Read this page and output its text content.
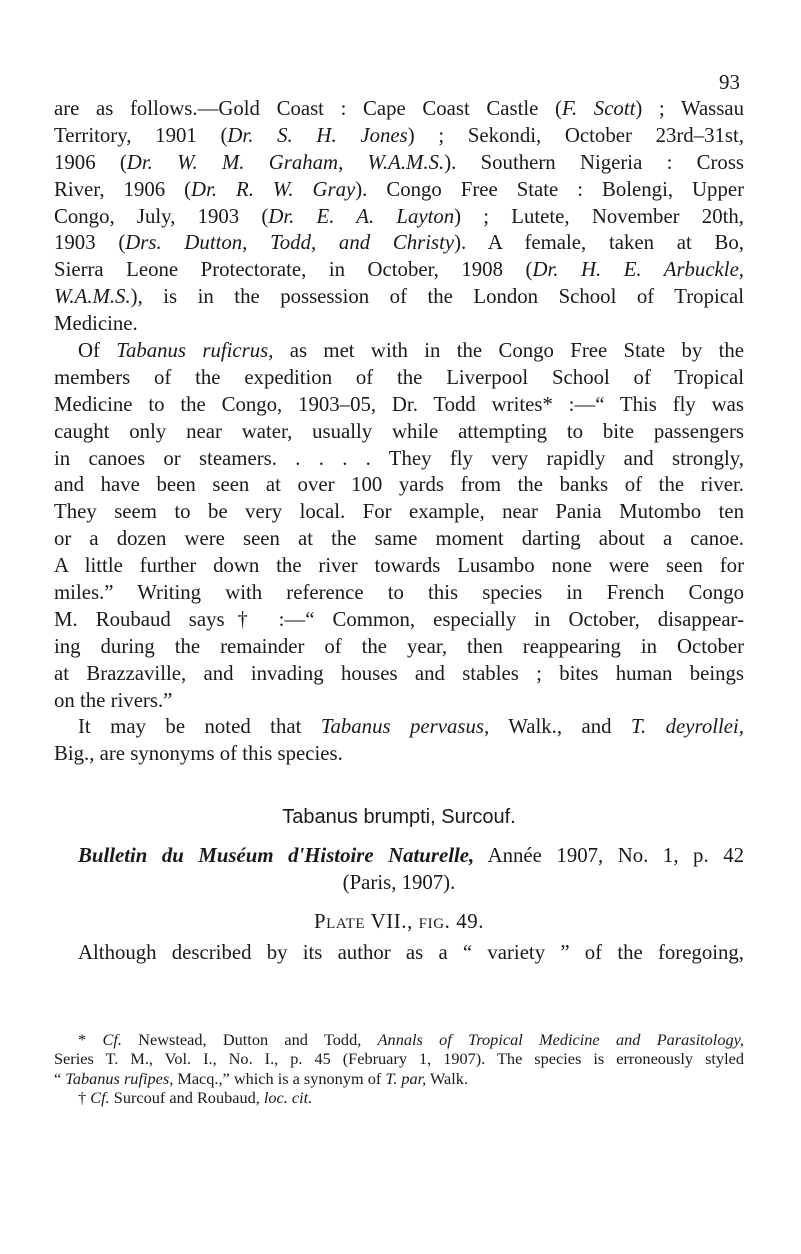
93
are as follows.—Gold Coast : Cape Coast Castle (F. Scott) ; Wassau
Territory, 1901 (Dr. S. H. Jones) ; Sekondi, October 23rd–31st,
1906 (Dr. W. M. Graham, W.A.M.S.). Southern Nigeria : Cross
River, 1906 (Dr. R. W. Gray). Congo Free State : Bolengi, Upper
Congo, July, 1903 (Dr. E. A. Layton) ; Lutete, November 20th,
1903 (Drs. Dutton, Todd, and Christy). A female, taken at Bo,
Sierra Leone Protectorate, in October, 1908 (Dr. H. E. Arbuckle,
W.A.M.S.), is in the possession of the London School of Tropical
Medicine.
Of Tabanus ruficrus, as met with in the Congo Free State by the
members of the expedition of the Liverpool School of Tropical
Medicine to the Congo, 1903–05, Dr. Todd writes* :—“ This fly was
caught only near water, usually while attempting to bite passengers
in canoes or steamers. . . . . They fly very rapidly and strongly,
and have been seen at over 100 yards from the banks of the river.
They seem to be very local. For example, near Pania Mutombo ten
or a dozen were seen at the same moment darting about a canoe.
A little further down the river towards Lusambo none were seen for
miles.” Writing with reference to this species in French Congo
M. Roubaud says† :—“ Common, especially in October, disappear-
ing during the remainder of the year, then reappearing in October
at Brazzaville, and invading houses and stables ; bites human beings
on the rivers.”
It may be noted that Tabanus pervasus, Walk., and T. deyrollei,
Big., are synonyms of this species.
Tabanus brumpti, Surcouf.
Bulletin du Muséum d'Histoire Naturelle, Année 1907, No. 1, p. 42
(Paris, 1907).
Plate VII., fig. 49.
Although described by its author as a “ variety ” of the foregoing,
* Cf. Newstead, Dutton and Todd, Annals of Tropical Medicine and Parasitology,
Series T. M., Vol. I., No. I., p. 45 (February 1, 1907). The species is erroneously styled
“ Tabanus rufipes, Macq.,” which is a synonym of T. par, Walk.
† Cf. Surcouf and Roubaud, loc. cit.
